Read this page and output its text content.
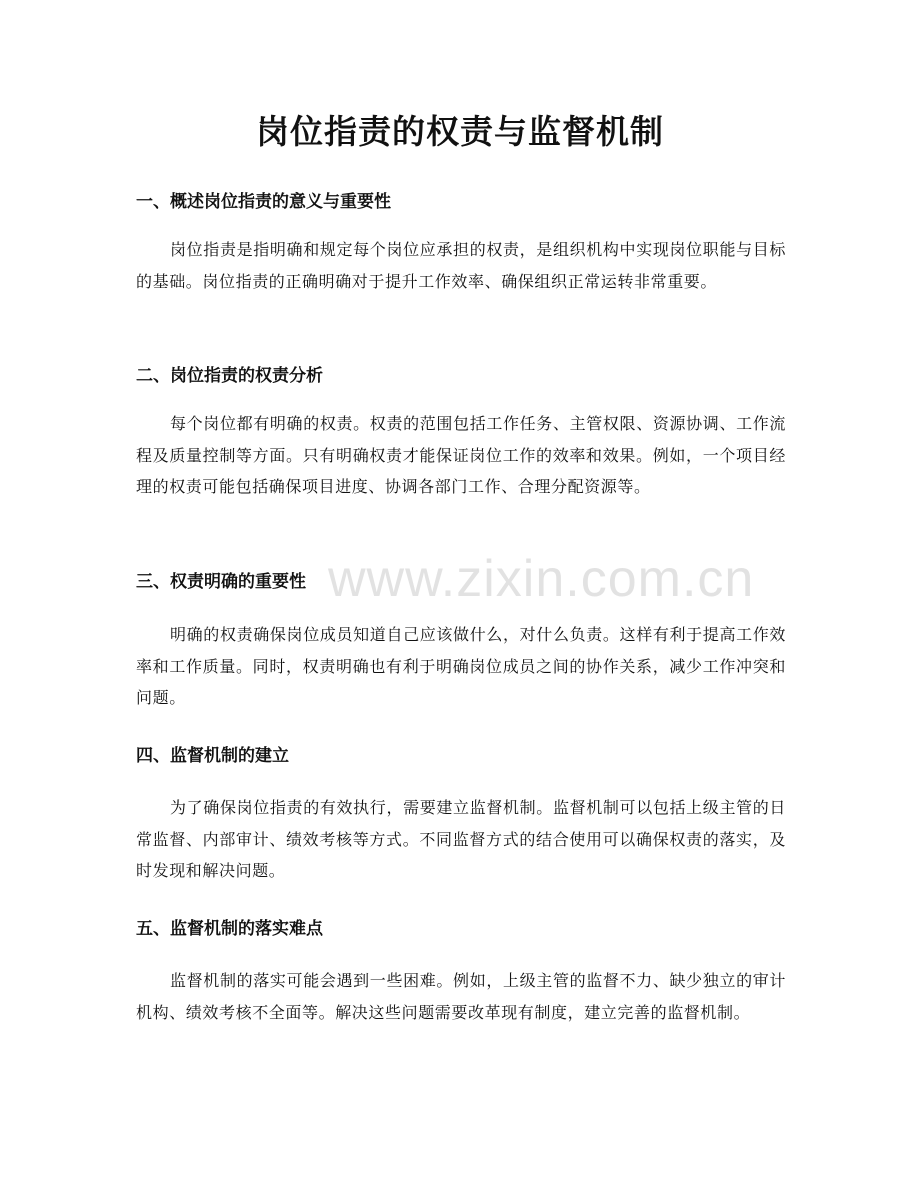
岗位指责的权责与监督机制
一、概述岗位指责的意义与重要性

岗位指责是指明确和规定每个岗位应承担的权责，是组织机构中实现岗位职能与目标的基础。岗位指责的正确明确对于提升工作效率、确保组织正常运转非常重要。

二、岗位指责的权责分析

每个岗位都有明确的权责。权责的范围包括工作任务、主管权限、资源协调、工作流程及质量控制等方面。只有明确权责才能保证岗位工作的效率和效果。例如，一个项目经理的权责可能包括确保项目进度、协调各部门工作、合理分配资源等。

三、权责明确的重要性

明确的权责确保岗位成员知道自己应该做什么，对什么负责。这样有利于提高工作效率和工作质量。同时，权责明确也有利于明确岗位成员之间的协作关系，减少工作冲突和问题。

四、监督机制的建立

为了确保岗位指责的有效执行，需要建立监督机制。监督机制可以包括上级主管的日常监督、内部审计、绩效考核等方式。不同监督方式的结合使用可以确保权责的落实，及时发现和解决问题。

五、监督机制的落实难点

监督机制的落实可能会遇到一些困难。例如，上级主管的监督不力、缺少独立的审计机构、绩效考核不全面等。解决这些问题需要改革现有制度，建立完善的监督机制。

www.zixin.com.cn
